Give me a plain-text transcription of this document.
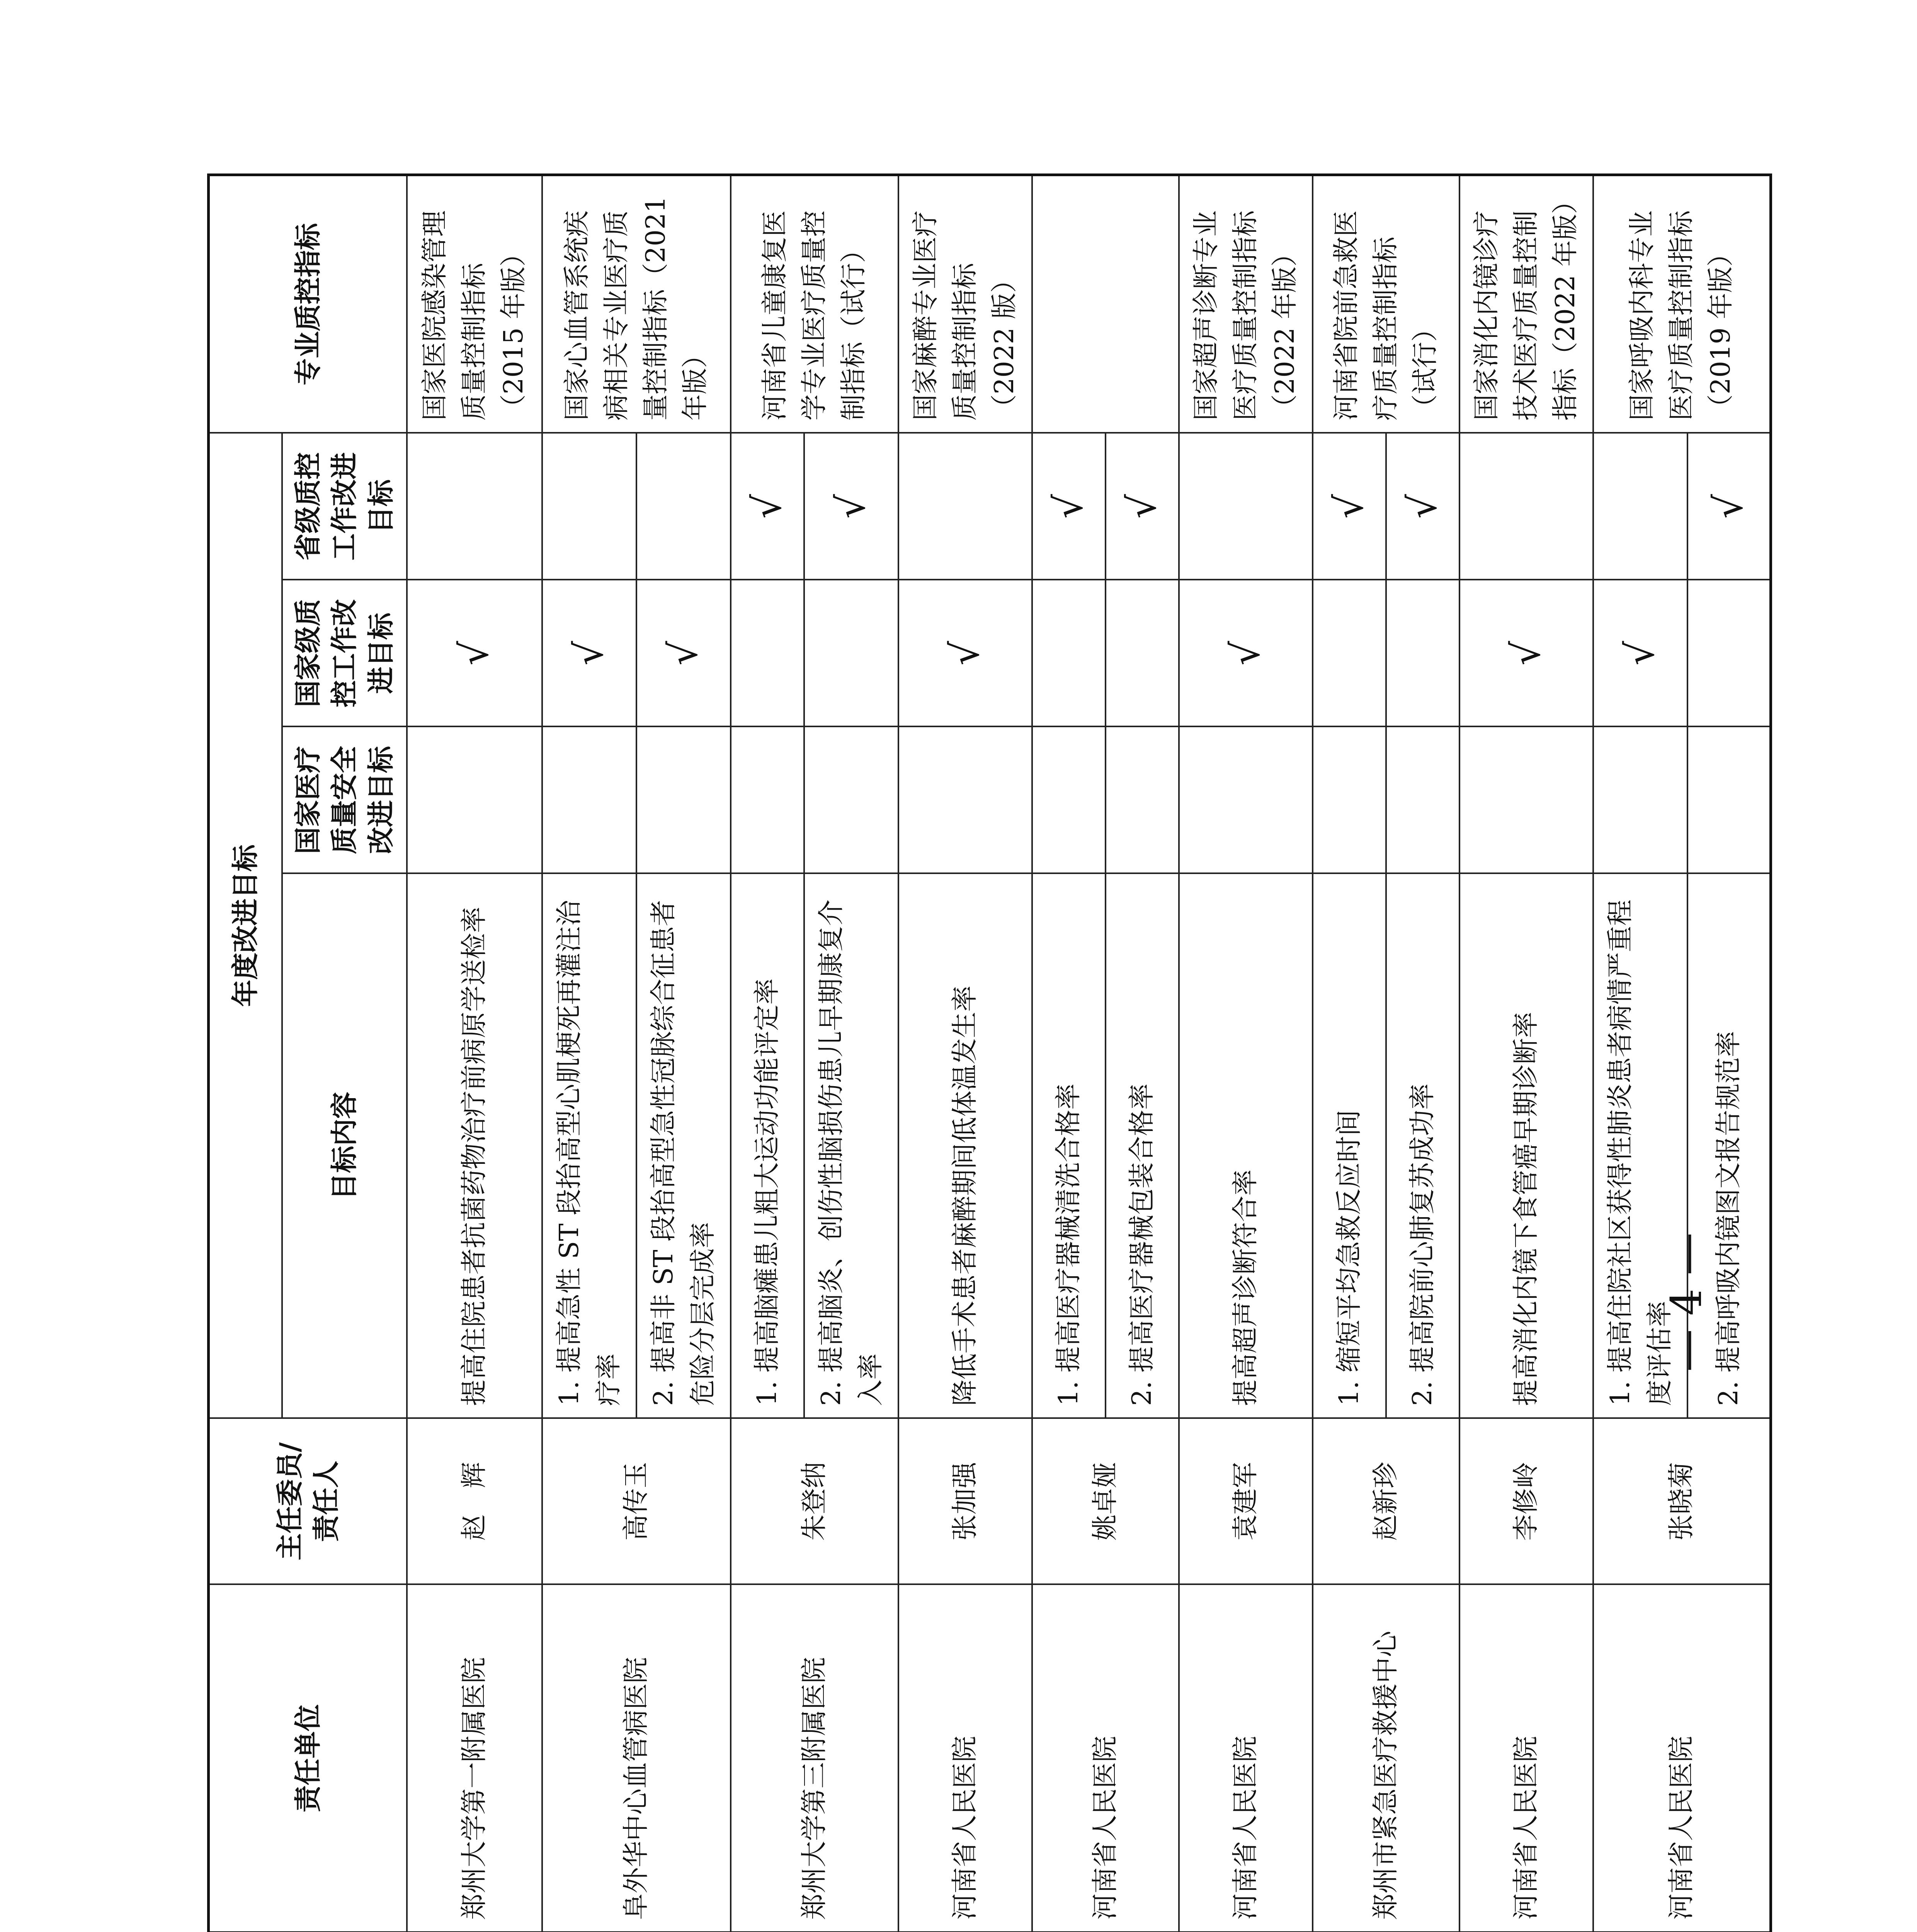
		责任单位	主任委员/责任人	年度改进目标				专业质控指标
				目标内容	国家医疗质量安全改进目标	国家级质控工作改进目标	省级质控工作改进目标	
		郑州大学第一附属医院	赵　辉	提高住院患者抗菌药物治疗前病原学送检率		√		国家医院感染管理质量控制指标（2015 年版）
		阜外华中心血管病医院	高传玉	1. 提高急性 ST 段抬高型心肌梗死再灌注治疗率		√		国家心血管系统疾病相关专业医疗质量控制指标（2021 年版）
				2. 提高非 ST 段抬高型急性冠脉综合征患者危险分层完成率		√		
		郑州大学第三附属医院	朱登纳	1. 提高脑瘫患儿粗大运动功能评定率			√	河南省儿童康复医学专业医疗质量控制指标（试行）
				2. 提高脑炎、创伤性脑损伤患儿早期康复介入率			√	
		河南省人民医院	张加强	降低手术患者麻醉期间低体温发生率		√		国家麻醉专业医疗质量控制指标（2022 版）
		河南省人民医院	姚卓娅	1. 提高医疗器械清洗合格率			√	
				2. 提高医疗器械包装合格率			√	
		河南省人民医院	袁建军	提高超声诊断符合率		√		国家超声诊断专业医疗质量控制指标（2022 年版）
		郑州市紧急医疗救援中心	赵新珍	1. 缩短平均急救反应时间			√	河南省院前急救医疗质量控制指标（试行）
				2. 提高院前心肺复苏成功率			√	
		河南省人民医院	李修岭	提高消化内镜下食管癌早期诊断率		√		国家消化内镜诊疗技术医疗质量控制指标（2022 年版）
		河南省人民医院	张晓菊	1. 提高住院社区获得性肺炎患者病情严重程度评估率		√		国家呼吸内科专业医疗质量控制指标（2019 年版）
				2. 提高呼吸内镜图文报告规范率			√	
— 4 —
